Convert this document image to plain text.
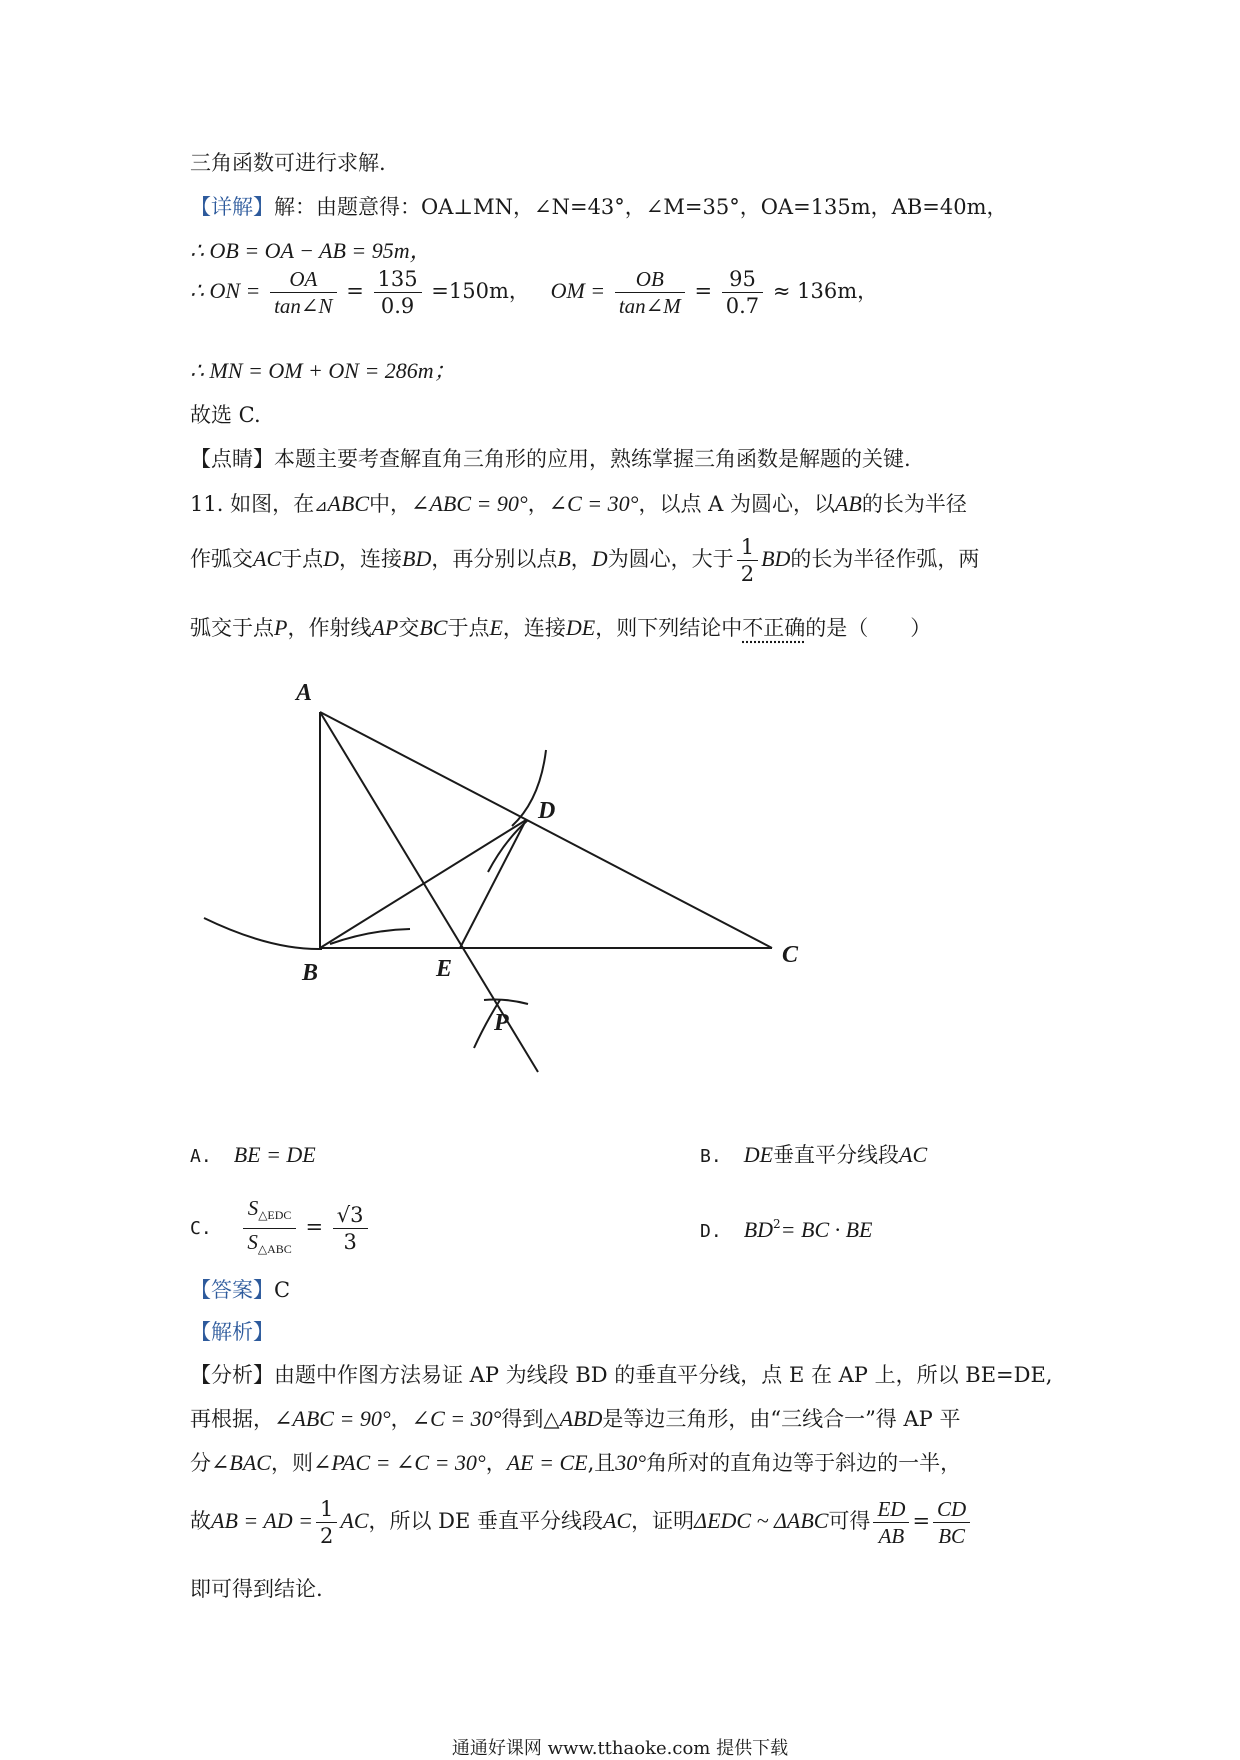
三角函数可进行求解.
【详解】解：由题意得：OA⊥MN，∠N=43°，∠M=35°，OA=135m，AB=40m，
∴ OB = OA − AB = 95m，
∴ ON = $\frac{OA}{\tan\angle N} = \frac{135}{0.9} =150m$， OM = $\frac{OB}{\tan\angle M} = \frac{95}{0.7} \approx 136m$，
∴ MN = OM + ON = 286m；
故选 C.
【点睛】本题主要考查解直角三角形的应用，熟练掌握三角函数是解题的关键.
11. 如图，在⊿ABC中，∠ABC = 90°，∠C = 30°，以点 A 为圆心，以AB的长为半径
作弧交AC于点D，连接BD，再分别以点B，D为圆心，大于 $\frac{1}{2}$ BD的长为半径作弧，两
弧交于点P，作射线AP交BC于点E，连接DE，则下列结论中不正确的是（　　）
A
B
C
D
E
P
A. BE = DE	B. DE垂直平分线段AC
C. $\frac{S_{\triangle EDC}}{S_{\triangle ABC}} = \frac{√3}{3}$	D. $BD^2=$ BC · BE
【答案】C
【解析】
【分析】由题中作图方法易证 AP 为线段 BD 的垂直平分线，点 E 在 AP 上，所以 BE=DE,
再根据，∠ABC = 90°，∠C = 30°得到△ABD是等边三角形，由“三线合一”得 AP 平
分∠BAC，则∠PAC = ∠C = 30°，AE = CE,且30°角所对的直角边等于斜边的一半，
故AB = AD = $\frac{1}{2}$ AC，所以 DE 垂直平分线段AC，证明ΔEDC ~ ΔABC可得 $\frac{ED}{AB} = \frac{CD}{BC}$
即可得到结论.
通通好课网 www.tthaoke.com 提供下载
